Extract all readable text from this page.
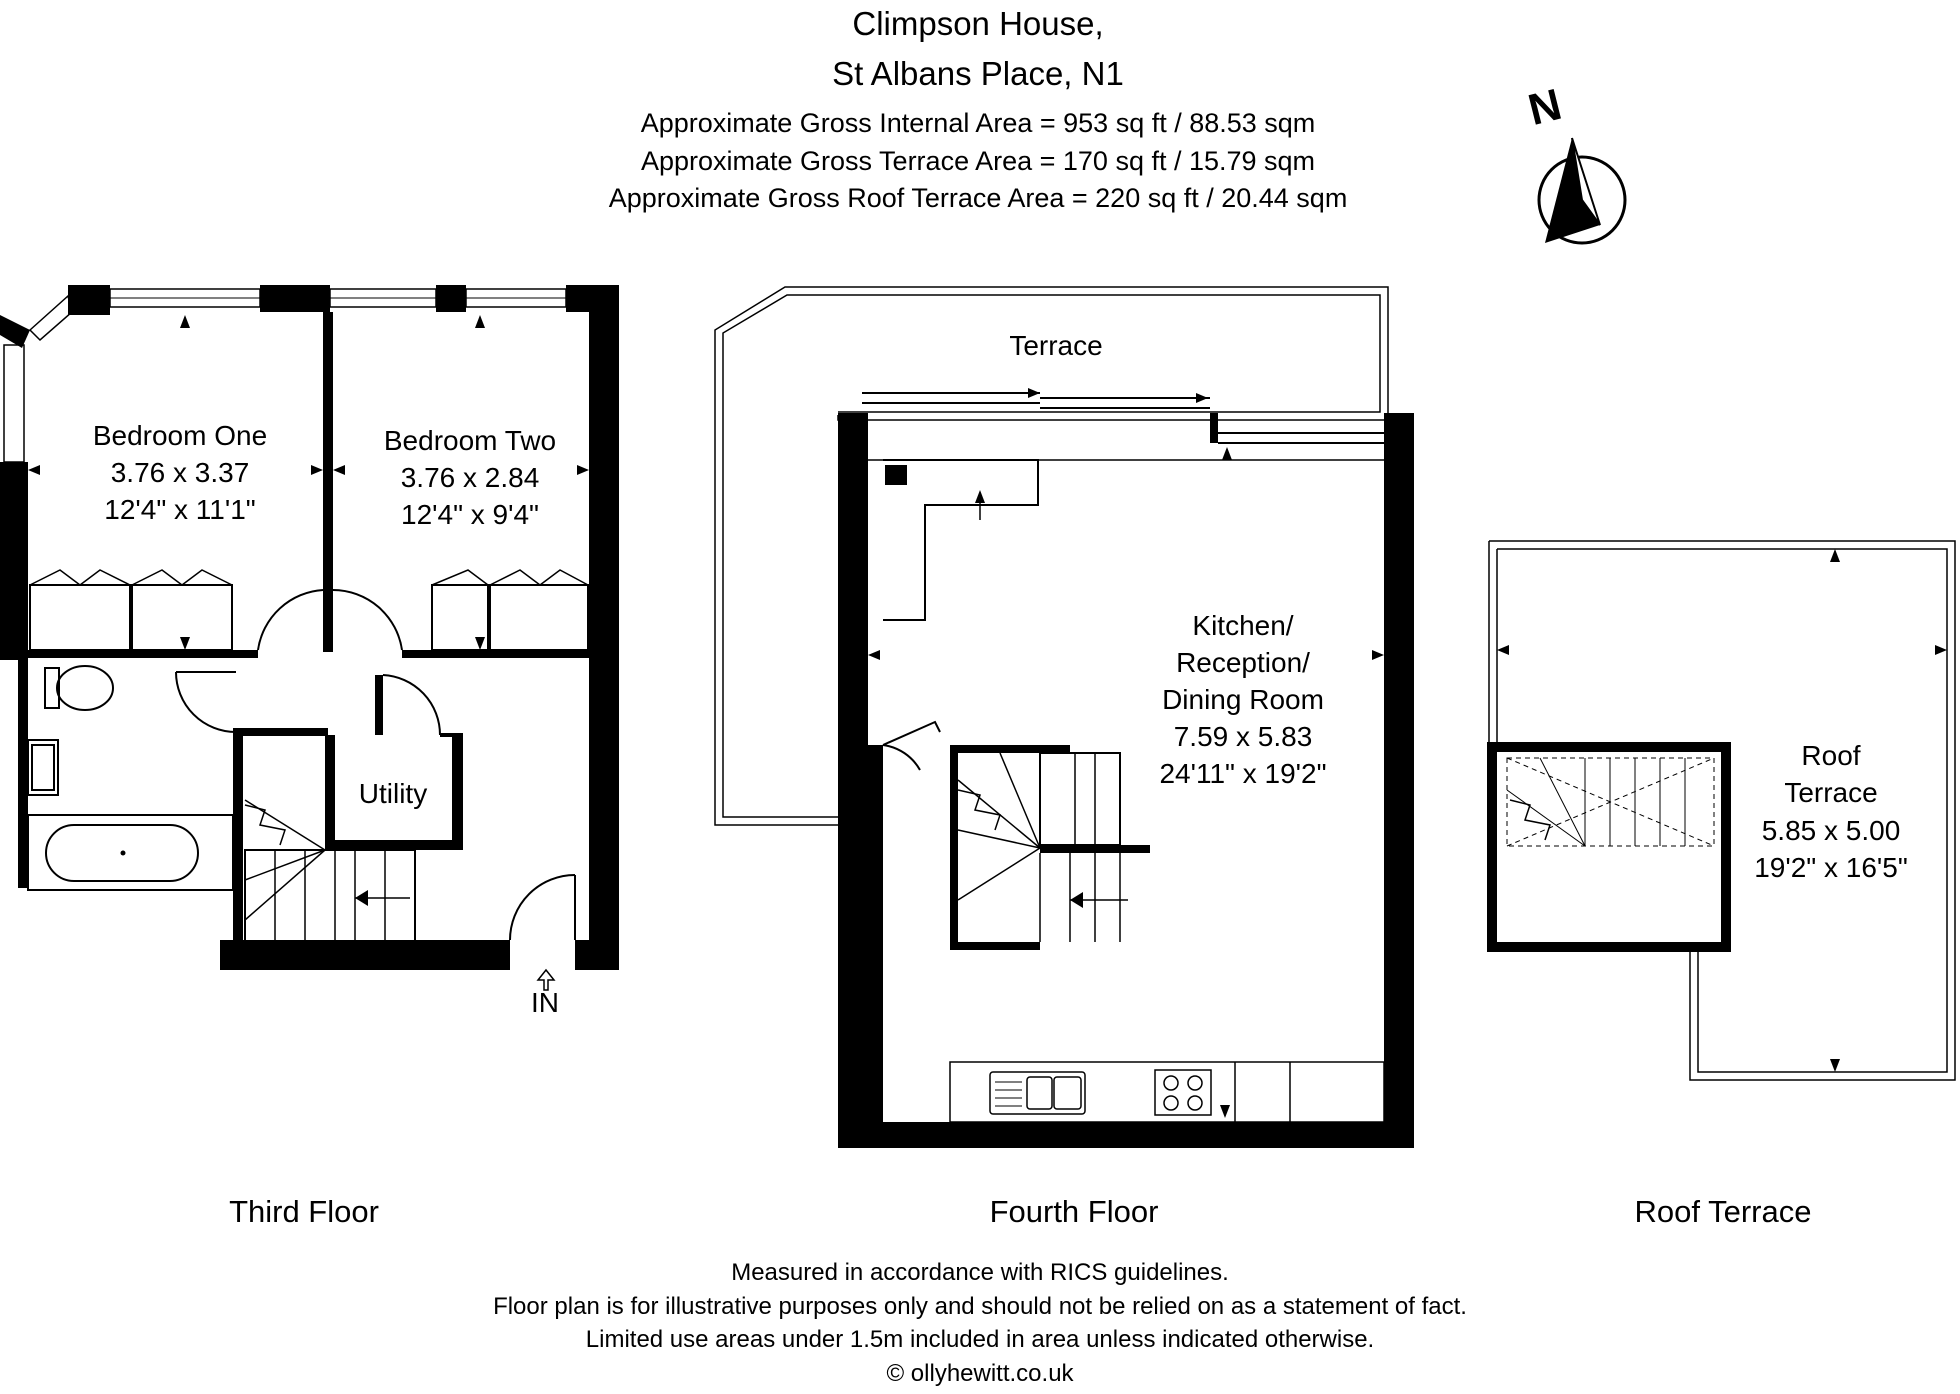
Climpson House,
St Albans Place, N1
Approximate Gross Internal Area = 953 sq ft / 88.53 sqm
Approximate Gross Terrace Area = 170 sq ft / 15.79 sqm
Approximate Gross Roof Terrace Area = 220 sq ft / 20.44 sqm
N
Bedroom One
3.76 x 3.37
12'4" x 11'1"
Bedroom Two
3.76 x 2.84
12'4" x 9'4"
Utility
IN
Third Floor
Terrace
Kitchen/
Reception/
Dining Room
7.59 x 5.83
24'11" x 19'2"
Fourth Floor
Roof
Terrace
5.85 x 5.00
19'2" x 16'5"
Roof Terrace
Measured in accordance with RICS guidelines.
Floor plan is for illustrative purposes only and should not be relied on as a statement of fact.
Limited use areas under 1.5m included in area unless indicated otherwise.
© ollyhewitt.co.uk
